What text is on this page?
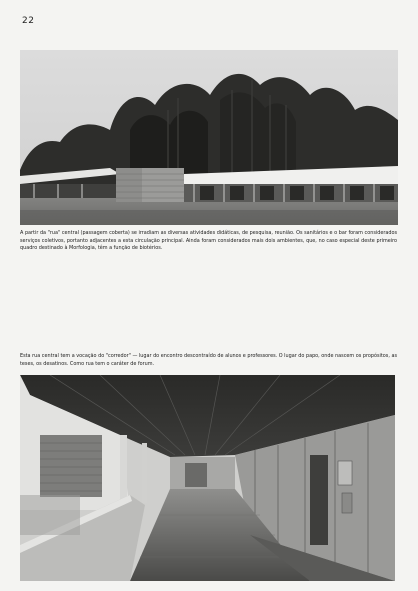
22
A partir da "rua" central (passagem coberta) se irradiam as diversas atividades didáticas, de pesquisa, reunião. Os sanitários e o bar foram considerados serviços coletivos, portanto adjacentes a esta circulação principal. Ainda foram considerados mais dois ambientes, que, no caso especial deste primeiro quadro destinado à Morfologia, têm a função de biotérios.
Esta rua central tem a vocação do "corredor" — lugar do encontro descontraído de alunos e professores. O lugar do papo, onde nascem os propósitos, as teses, os desatinos. Como rua tem o caráter de forum.
